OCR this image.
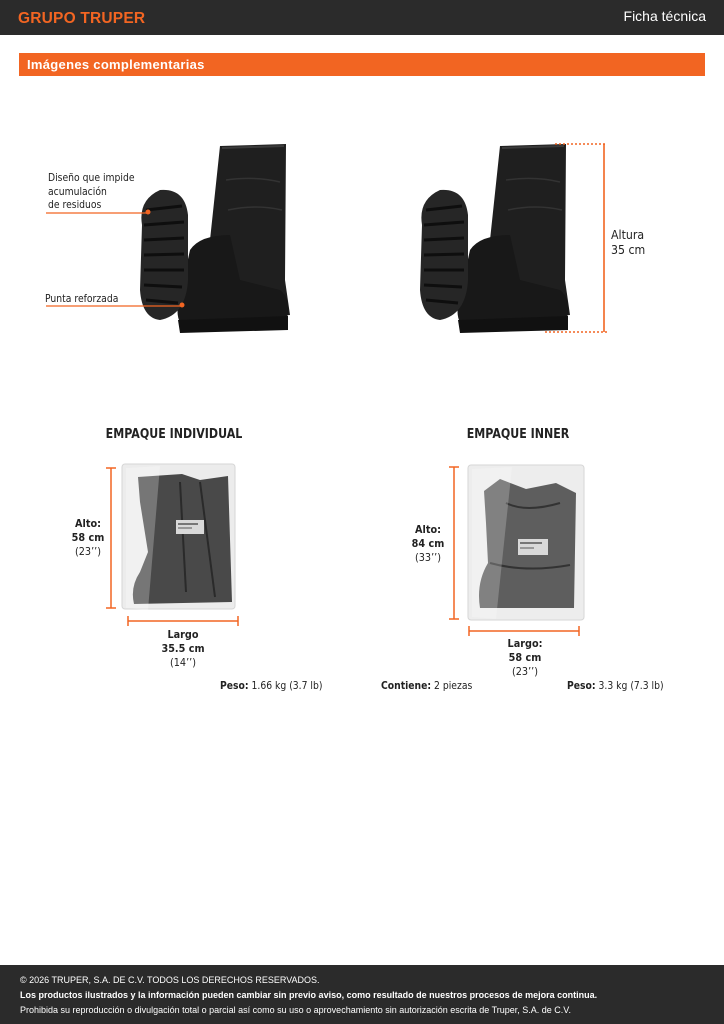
GRUPO TRUPER	Ficha técnica
Imágenes complementarias
Diseño que impide
acumulación
de residuos
Punta reforzada
Altura
35 cm
EMPAQUE INDIVIDUAL
Alto:
58 cm
(23’’)
Largo
35.5 cm
(14’’)
Peso: 1.66 kg (3.7 lb)
EMPAQUE INNER
Alto:
84 cm
(33’’)
Largo:
58 cm
(23’’)
Contiene: 2 piezas	Peso: 3.3 kg (7.3 lb)
© 2026 TRUPER, S.A. DE C.V. TODOS LOS DERECHOS RESERVADOS.
Los productos ilustrados y la información pueden cambiar sin previo aviso, como resultado de nuestros procesos de mejora continua.
Prohibida su reproducción o divulgación total o parcial así como su uso o aprovechamiento sin autorización escrita de Truper, S.A. de C.V.
